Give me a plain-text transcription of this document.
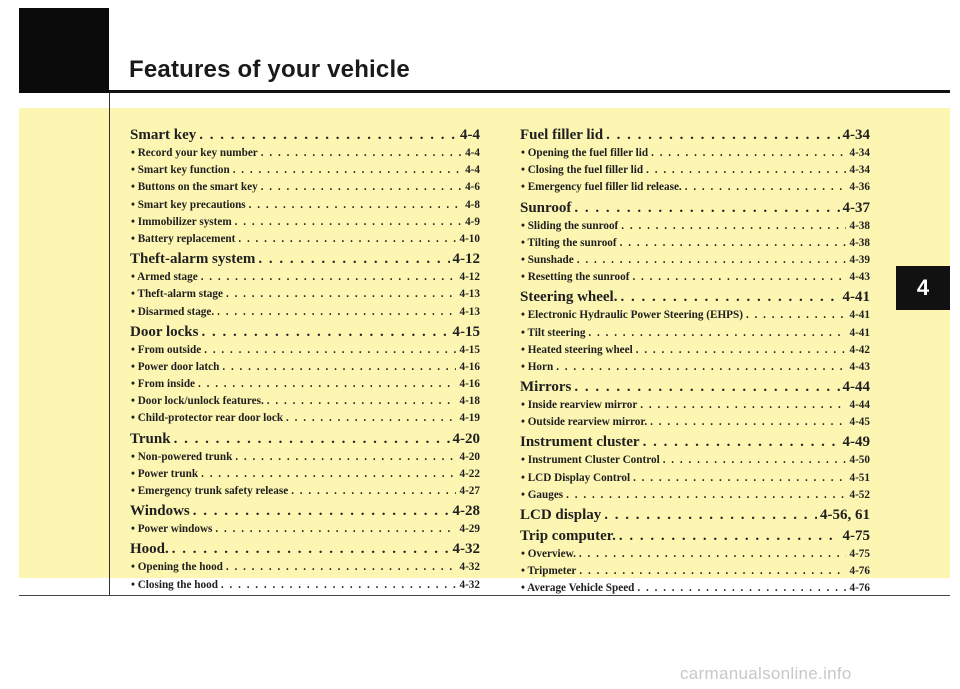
Features of your vehicle
Smart key . . .	4-4
• Record your key number . . .	4-4
• Smart key function . . .	4-4
• Buttons on the smart key . . .	4-6
• Smart key precautions . . .	4-8
• Immobilizer system . . .	4-9
• Battery replacement . . .	4-10
Theft-alarm system . . .	4-12
• Armed stage . . .	4-12
• Theft-alarm stage . . .	4-13
• Disarmed stage. . . .	4-13
Door locks . . .	4-15
• From outside . . .	4-15
• Power door latch . . .	4-16
• From inside . . .	4-16
• Door lock/unlock features. . . .	4-18
• Child-protector rear door lock . . .	4-19
Trunk . . .	4-20
• Non-powered trunk . . .	4-20
• Power trunk . . .	4-22
• Emergency trunk safety release . . .	4-27
Windows . . .	4-28
• Power windows . . .	4-29
Hood. . . .	4-32
• Opening the hood . . .	4-32
• Closing the hood . . .	4-32
Fuel filler lid . . .	4-34
• Opening the fuel filler lid . . .	4-34
• Closing the fuel filler lid . . .	4-34
• Emergency fuel filler lid release. . . .	4-36
Sunroof . . .	4-37
• Sliding the sunroof . . .	4-38
• Tilting the sunroof . . .	4-38
• Sunshade . . .	4-39
• Resetting the sunroof . . .	4-43
Steering wheel. . . .	4-41
• Electronic Hydraulic Power Steering (EHPS) . . .	4-41
• Tilt steering . . .	4-41
• Heated steering wheel . . .	4-42
• Horn . . .	4-43
Mirrors . . .	4-44
• Inside rearview mirror . . .	4-44
• Outside rearview mirror. . . .	4-45
Instrument cluster . . .	4-49
• Instrument Cluster Control . . .	4-50
• LCD Display Control . . .	4-51
• Gauges . . .	4-52
LCD display . . .	4-56, 61
Trip computer. . . .	4-75
• Overview. . . .	4-75
• Tripmeter . . .	4-76
• Average Vehicle Speed . . .	4-76
4
carmanualsonline.info
